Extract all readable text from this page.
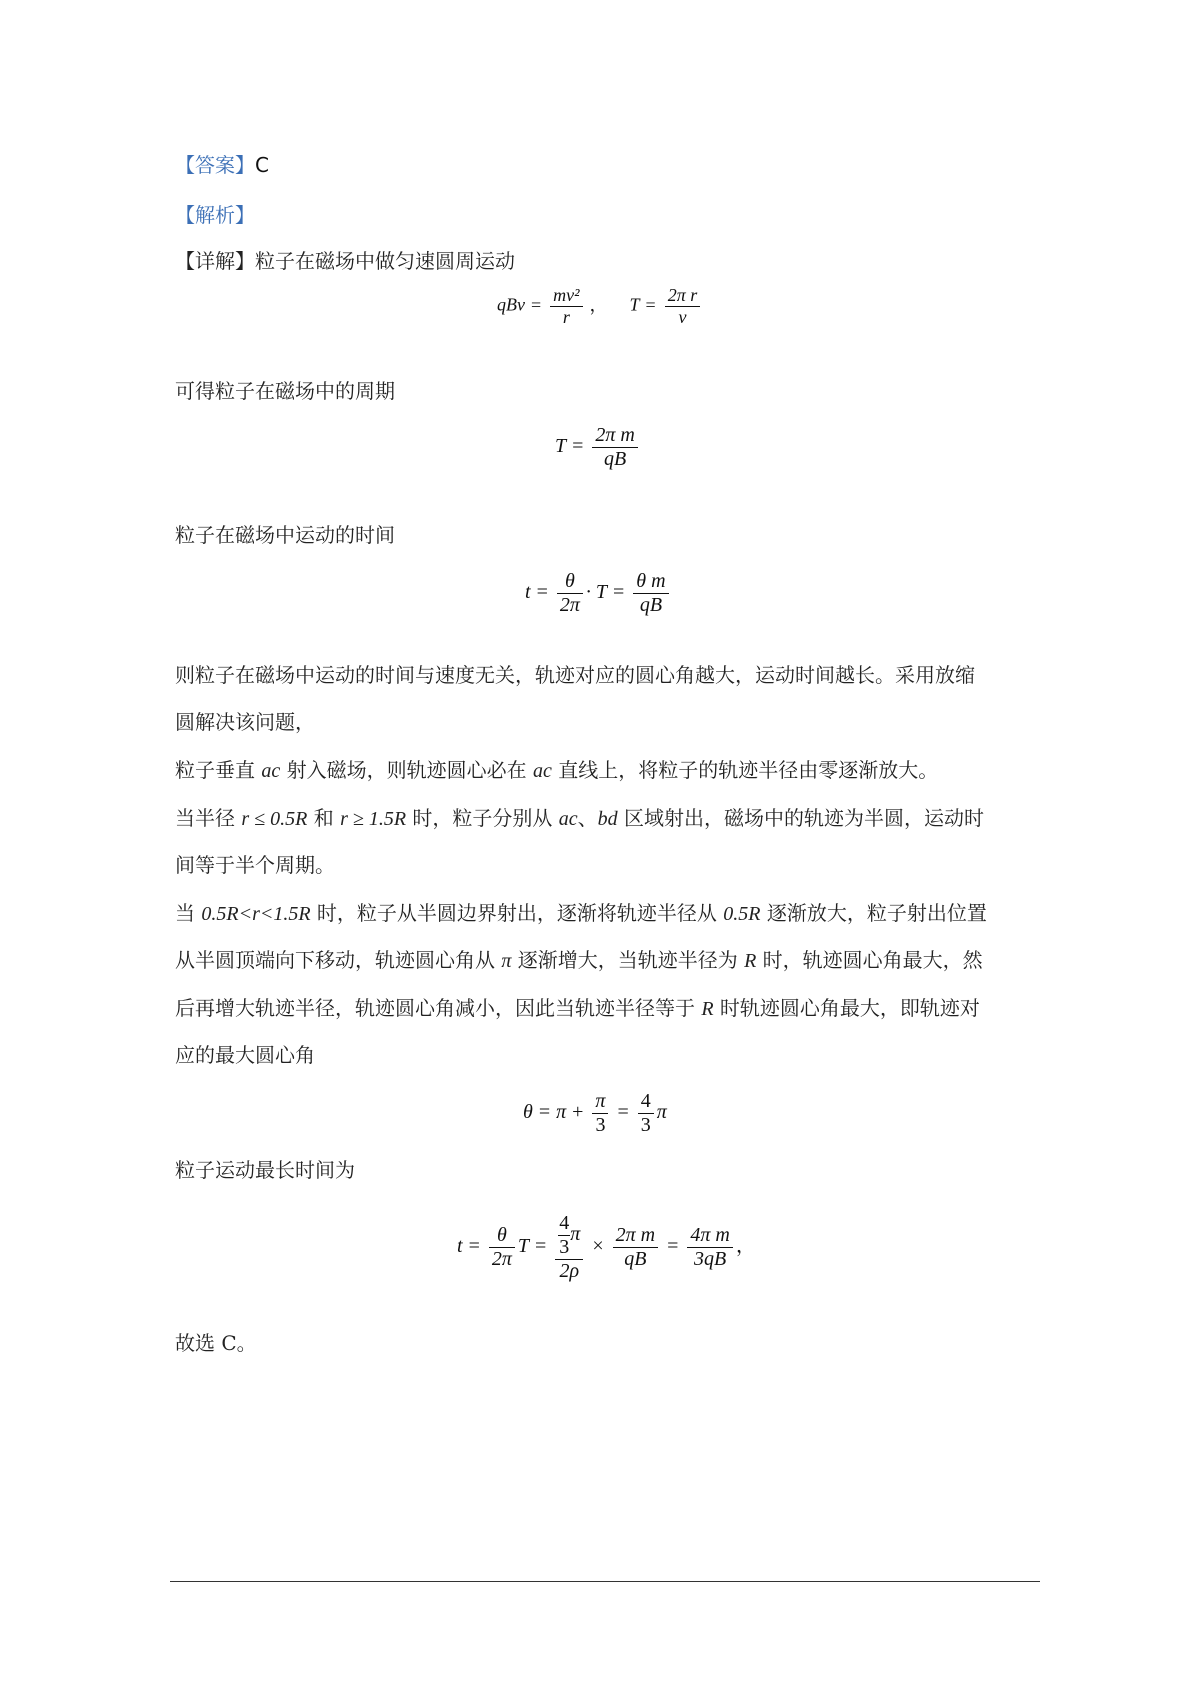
【答案】C
【解析】
【详解】粒子在磁场中做匀速圆周运动
qBv = $\frac{\text{mv²}}{r}$ ， $T = \frac{\text{2π r}}{v}$
可得粒子在磁场中的周期
$T = \frac{\text{2π m}}{qB}$
粒子在磁场中运动的时间
$t = \frac{\theta}{2\pi} \cdot T = \frac{\text{θ m}}{qB}$
则粒子在磁场中运动的时间与速度无关，轨迹对应的圆心角越大，运动时间越长。采用放缩
圆解决该问题，
粒子垂直 ac 射入磁场，则轨迹圆心必在 ac 直线上，将粒子的轨迹半径由零逐渐放大。
当半径 r ≤ 0.5R 和 r ≥ 1.5R 时，粒子分别从 ac、bd 区域射出，磁场中的轨迹为半圆，运动时
间等于半个周期。
当 0.5R<r<1.5R 时，粒子从半圆边界射出，逐渐将轨迹半径从 0.5R 逐渐放大，粒子射出位置
从半圆顶端向下移动，轨迹圆心角从 π 逐渐增大，当轨迹半径为 R 时，轨迹圆心角最大，然
后再增大轨迹半径，轨迹圆心角减小，因此当轨迹半径等于 R 时轨迹圆心角最大，即轨迹对
应的最大圆心角
$\theta = \pi + \frac{\pi}{3} = \frac{4}{3}$ π
粒子运动最长时间为
$t = \frac{\theta}{2\pi}$ $T = \frac{\frac{4}{3} \pi}{2\rho} \times \frac{\text{2π m}}{qB} = \frac{\text{4π m}}{3qB}$ ，
故选 C。
